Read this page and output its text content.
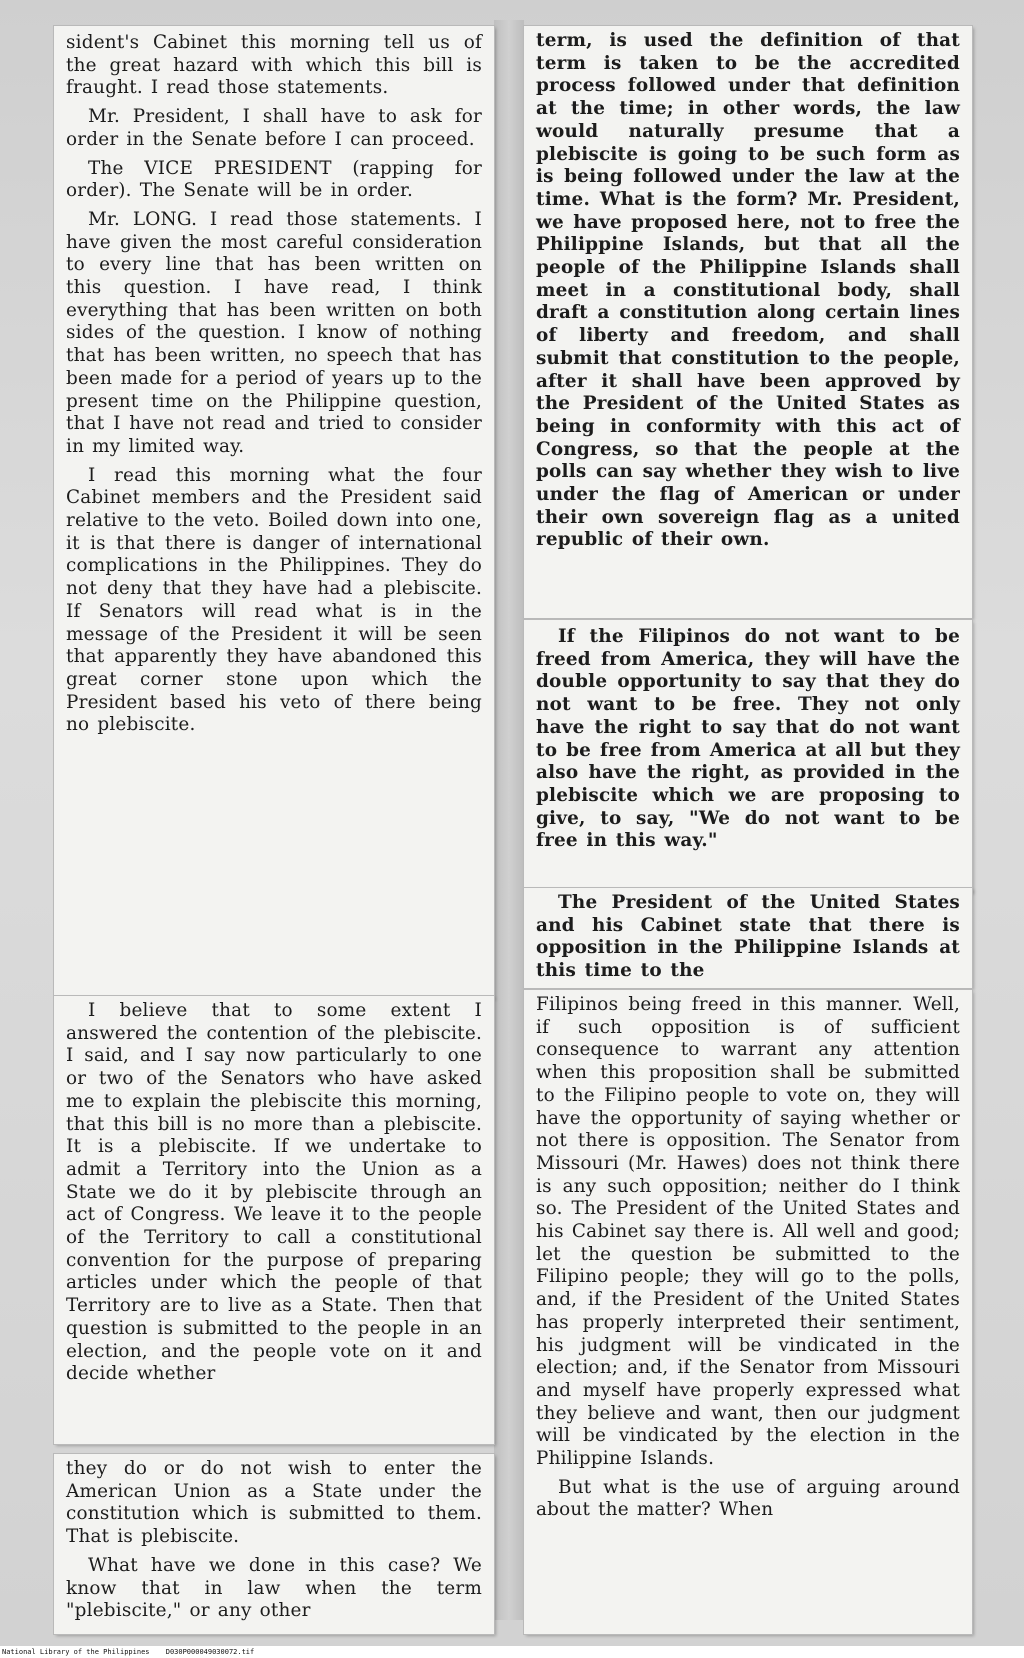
sident's Cabinet this morning tell us of the great hazard with which this bill is fraught. I read those statements.

Mr. President, I shall have to ask for order in the Senate before I can proceed.

The VICE PRESIDENT (rapping for order). The Senate will be in order.

Mr. LONG. I read those statements. I have given the most careful consideration to every line that has been written on this question. I have read, I think everything that has been written on both sides of the question. I know of nothing that has been written, no speech that has been made for a period of years up to the present time on the Philippine question, that I have not read and tried to consider in my limited way.

I read this morning what the four Cabinet members and the President said relative to the veto. Boiled down into one, it is that there is danger of international complications in the Philippines. They do not deny that they have had a plebiscite. If Senators will read what is in the message of the President it will be seen that apparently they have abandoned this great corner stone upon which the President based his veto of there being no plebiscite.

I believe that to some extent I answered the contention of the plebiscite. I said, and I say now particularly to one or two of the Senators who have asked me to explain the plebiscite this morning, that this bill is no more than a plebiscite. It is a plebiscite. If we undertake to admit a Territory into the Union as a State we do it by plebiscite through an act of Congress. We leave it to the people of the Territory to call a constitutional convention for the purpose of preparing articles under which the people of that Territory are to live as a State. Then that question is submitted to the people in an election, and the people vote on it and decide whether

they do or do not wish to enter the American Union as a State under the constitution which is submitted to them. That is plebiscite.

What have we done in this case? We know that in law when the term "plebiscite," or any other

term, is used the definition of that term is taken to be the accredited process followed under that definition at the time; in other words, the law would naturally presume that a plebiscite is going to be such form as is being followed under the law at the time. What is the form? Mr. President, we have proposed here, not to free the Philippine Islands, but that all the people of the Philippine Islands shall meet in a constitutional body, shall draft a constitution along certain lines of liberty and freedom, and shall submit that constitution to the people, after it shall have been approved by the President of the United States as being in conformity with this act of Congress, so that the people at the polls can say whether they wish to live under the flag of American or under their own sovereign flag as a united republic of their own.

If the Filipinos do not want to be freed from America, they will have the double opportunity to say that they do not want to be free. They not only have the right to say that do not want to be free from America at all but they also have the right, as provided in the plebiscite which we are proposing to give, to say, "We do not want to be free in this way."

The President of the United States and his Cabinet state that there is opposition in the Philippine Islands at this time to the

Filipinos being freed in this manner. Well, if such opposition is of sufficient consequence to warrant any attention when this proposition shall be submitted to the Filipino people to vote on, they will have the opportunity of saying whether or not there is opposition. The Senator from Missouri (Mr. Hawes) does not think there is any such opposition; neither do I think so. The President of the United States and his Cabinet say there is. All well and good; let the question be submitted to the Filipino people; they will go to the polls, and, if the President of the United States has properly interpreted their sentiment, his judgment will be vindicated in the election; and, if the Senator from Missouri and myself have properly expressed what they believe and want, then our judgment will be vindicated by the election in the Philippine Islands.

But what is the use of arguing around about the matter? When

National Library of the Philippines D030P000049030072.tif
